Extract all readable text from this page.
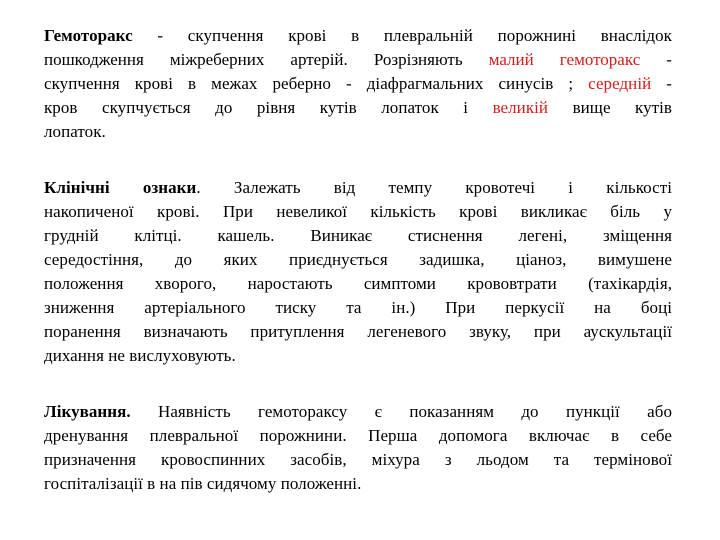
Гемоторакс - скупчення крові в плевральній порожнині внаслідок
пошкодження міжреберних артерій. Розрізняють малий гемоторакс -
скупчення крові в межах реберно - діафрагмальних синусів ; середній -
кров скупчується до рівня кутів лопаток і великій вище кутів
лопаток.
Клінічні ознаки. Залежать від темпу кровотечі і кількості
накопиченої крові. При невеликої кількість крові викликає біль у
грудній клітці. кашель. Виникає стиснення легені, зміщення
середостіння, до яких приєднується задишка, ціаноз, вимушене
положення хворого, наростають симптоми крововтрати (тахікардія,
зниження артеріального тиску та ін.) При перкусії на боці
поранення визначають притуплення легеневого звуку, при аускультації
дихання не вислуховують.
Лікування. Наявність гемотораксу є показанням до пункції або
дренування плевральної порожнини. Перша допомога включає в себе
призначення кровоспинних засобів, міхура з льодом та термінової
госпіталізації в на пів сидячому положенні.
